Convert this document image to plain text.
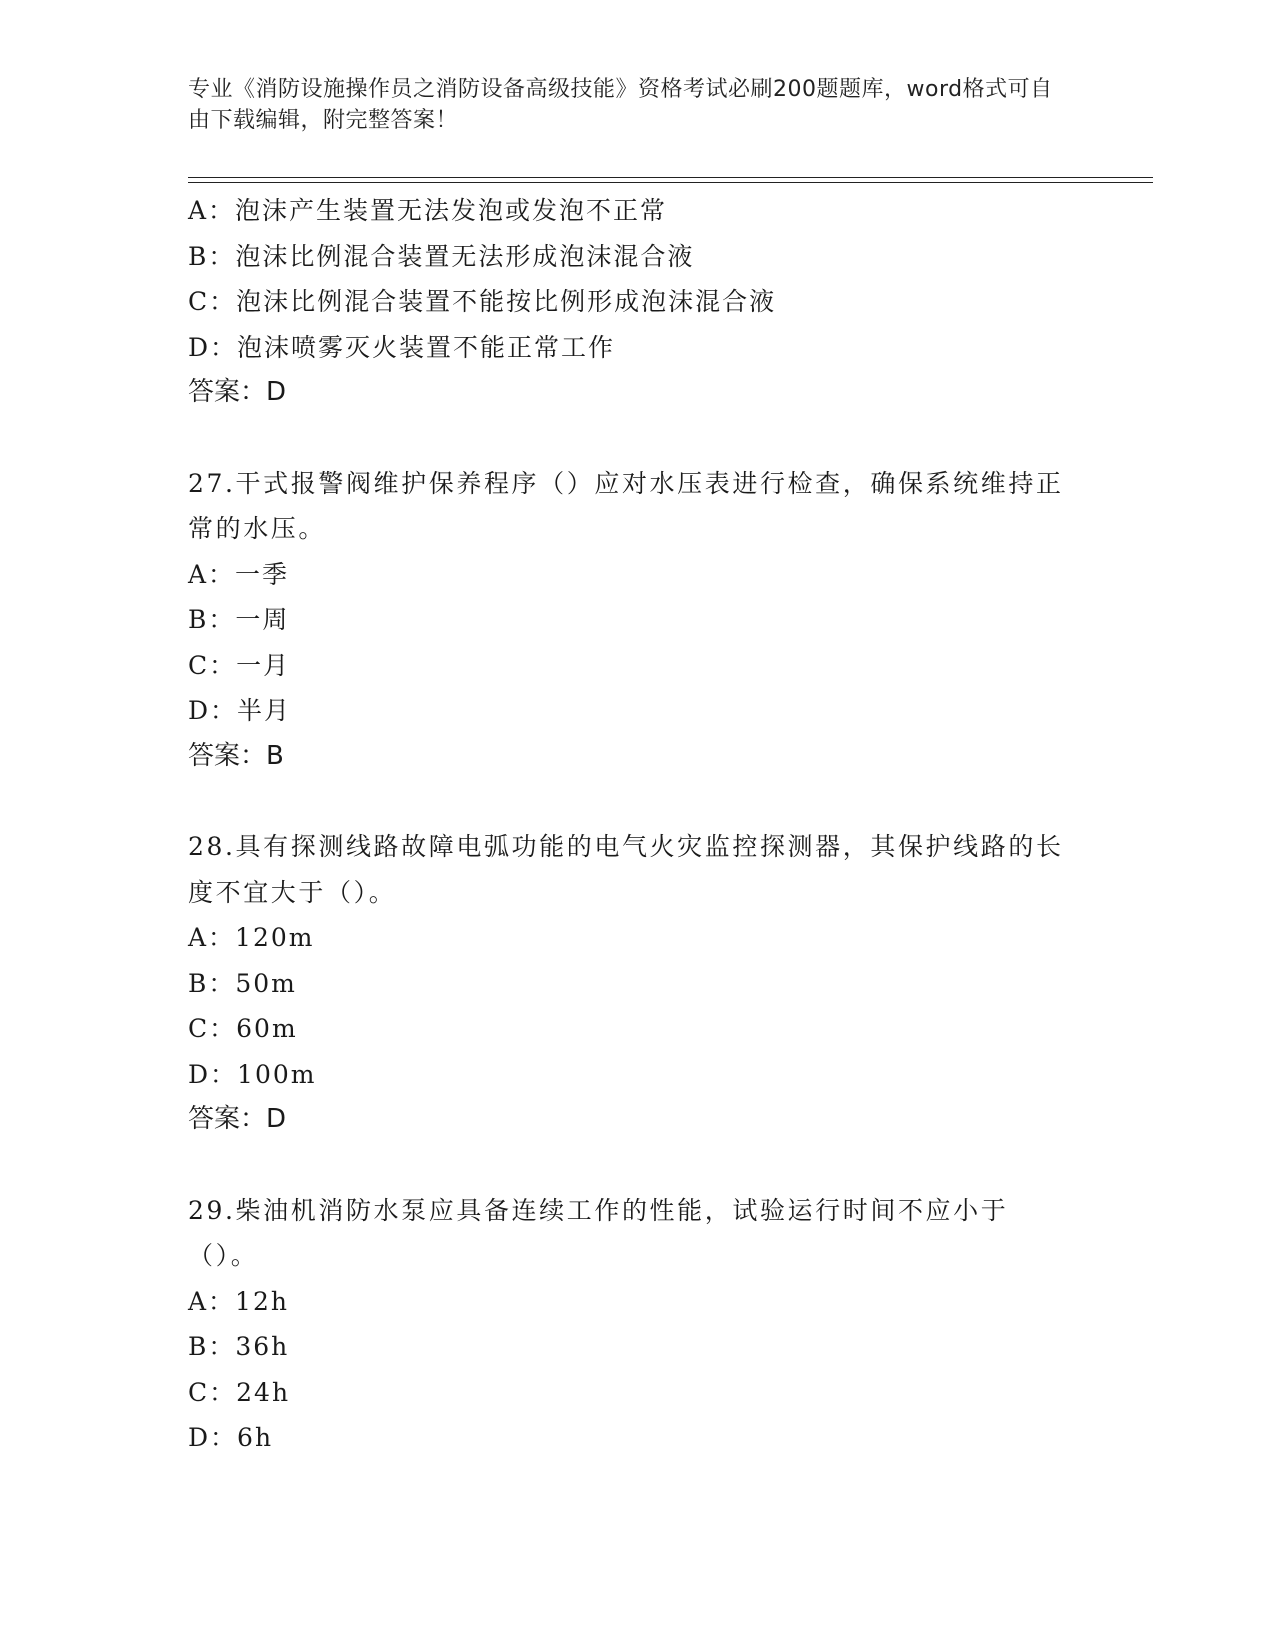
专业《消防设施操作员之消防设备高级技能》资格考试必刷200题题库，word格式可自由下载编辑，附完整答案！
A：泡沫产生装置无法发泡或发泡不正常
B：泡沫比例混合装置无法形成泡沫混合液
C：泡沫比例混合装置不能按比例形成泡沫混合液
D：泡沫喷雾灭火装置不能正常工作
答案：D
27.干式报警阀维护保养程序（）应对水压表进行检查，确保系统维持正常的水压。
A：一季
B：一周
C：一月
D：半月
答案：B
28.具有探测线路故障电弧功能的电气火灾监控探测器，其保护线路的长度不宜大于（）。
A：120m
B：50m
C：60m
D：100m
答案：D
29.柴油机消防水泵应具备连续工作的性能，试验运行时间不应小于（）。
A：12h
B：36h
C：24h
D：6h
